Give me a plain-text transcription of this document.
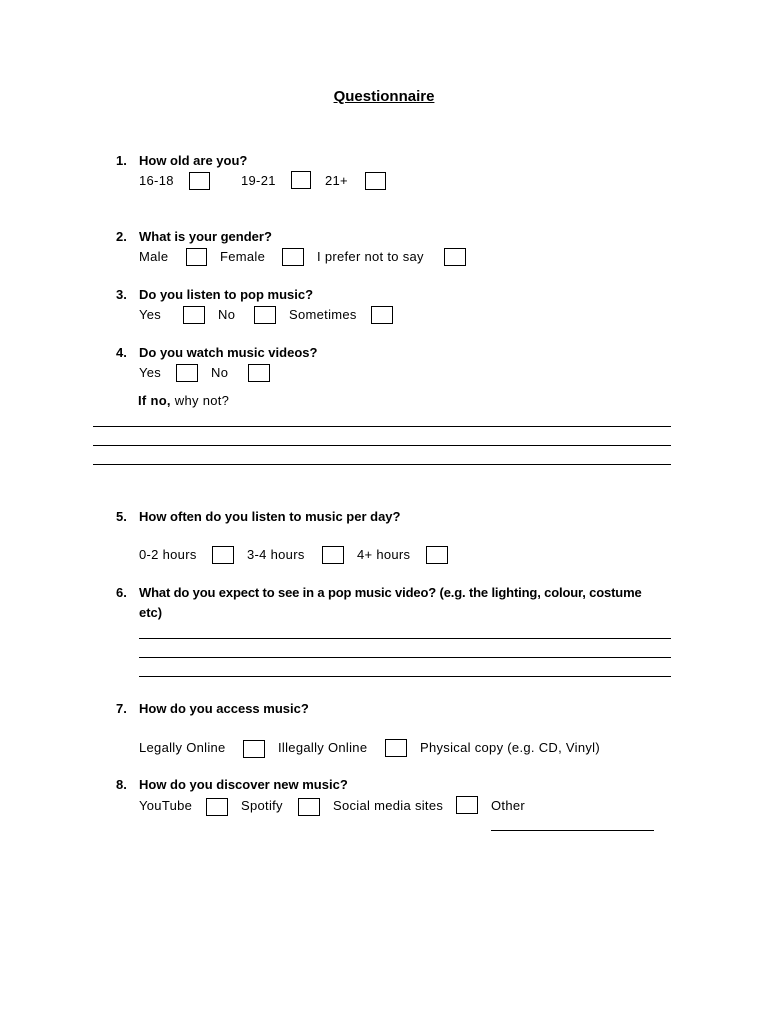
Questionnaire
1. How old are you?
16-18	19-21	21+
2. What is your gender?
Male	Female	I prefer not to say
3. Do you listen to pop music?
Yes	No	Sometimes
4. Do you watch music videos?
Yes	No
If no, why not?
5. How often do you listen to music per day?
0-2 hours	3-4 hours	4+ hours
6. What do you expect to see in a pop music video? (e.g. the lighting, colour, costume
etc)
7. How do you access music?
Legally Online	Illegally Online	Physical copy (e.g. CD, Vinyl)
8. How do you discover new music?
YouTube	Spotify	Social media sites	Other
